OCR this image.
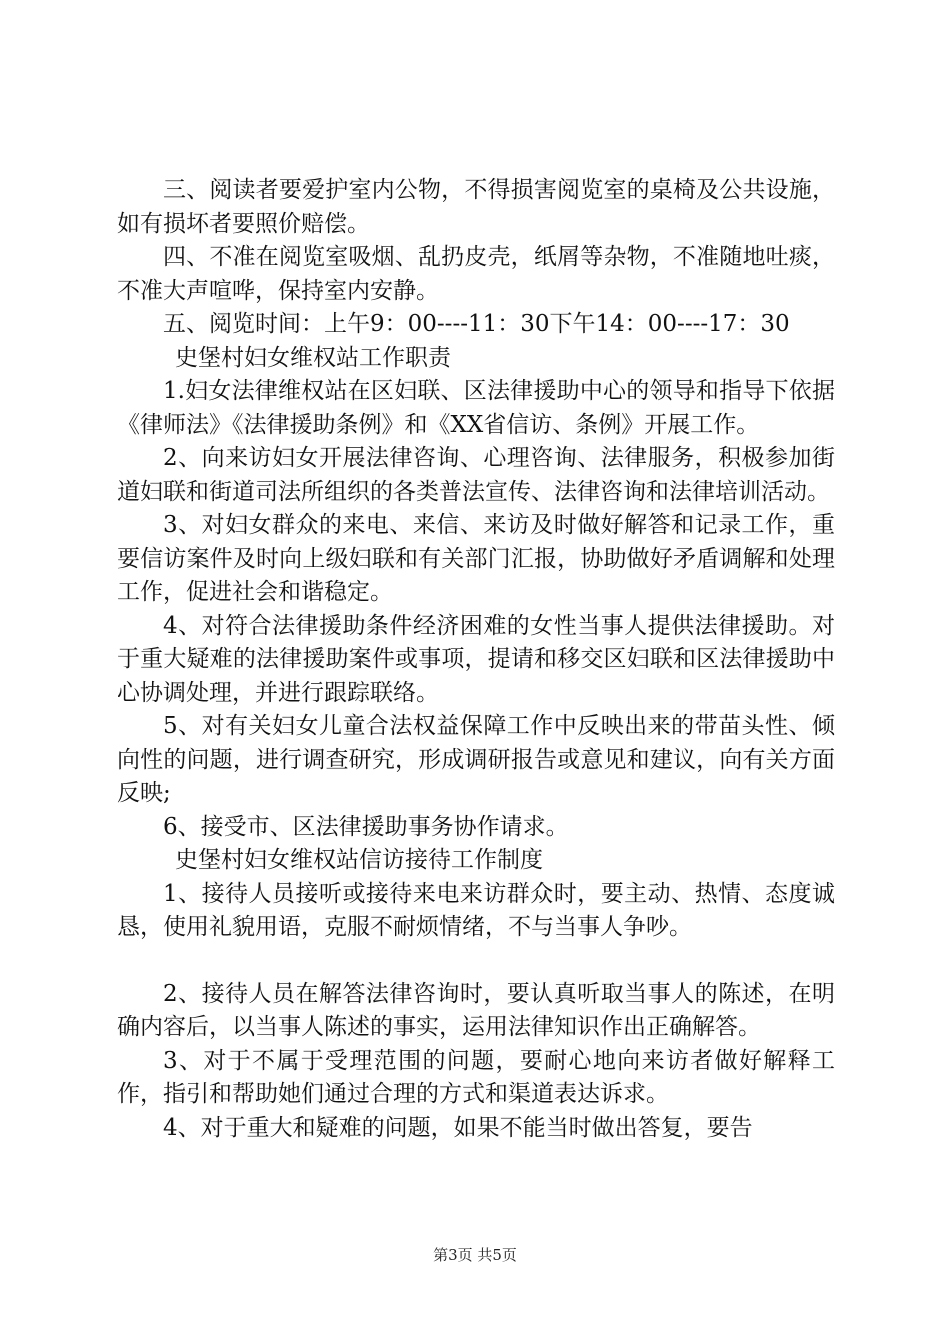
三、阅读者要爱护室内公物，不得损害阅览室的桌椅及公共设施，如有损坏者要照价赔偿。

四、不准在阅览室吸烟、乱扔皮壳，纸屑等杂物，不准随地吐痰，不准大声喧哗，保持室内安静。

五、阅览时间：上午9：00----11：30下午14：00----17：30

史堡村妇女维权站工作职责

1.妇女法律维权站在区妇联、区法律援助中心的领导和指导下依据《律师法》《法律援助条例》和《XX省信访、条例》开展工作。

2、向来访妇女开展法律咨询、心理咨询、法律服务，积极参加街道妇联和街道司法所组织的各类普法宣传、法律咨询和法律培训活动。

3、对妇女群众的来电、来信、来访及时做好解答和记录工作，重要信访案件及时向上级妇联和有关部门汇报，协助做好矛盾调解和处理工作，促进社会和谐稳定。

4、对符合法律援助条件经济困难的女性当事人提供法律援助。对于重大疑难的法律援助案件或事项，提请和移交区妇联和区法律援助中心协调处理，并进行跟踪联络。

5、对有关妇女儿童合法权益保障工作中反映出来的带苗头性、倾向性的问题，进行调查研究，形成调研报告或意见和建议，向有关方面反映;

6、接受市、区法律援助事务协作请求。

史堡村妇女维权站信访接待工作制度

1、接待人员接听或接待来电来访群众时，要主动、热情、态度诚恳，使用礼貌用语，克服不耐烦情绪，不与当事人争吵。

2、接待人员在解答法律咨询时，要认真听取当事人的陈述，在明确内容后，以当事人陈述的事实，运用法律知识作出正确解答。

3、对于不属于受理范围的问题，要耐心地向来访者做好解释工作，指引和帮助她们通过合理的方式和渠道表达诉求。

4、对于重大和疑难的问题，如果不能当时做出答复，要告

第3页 共5页
